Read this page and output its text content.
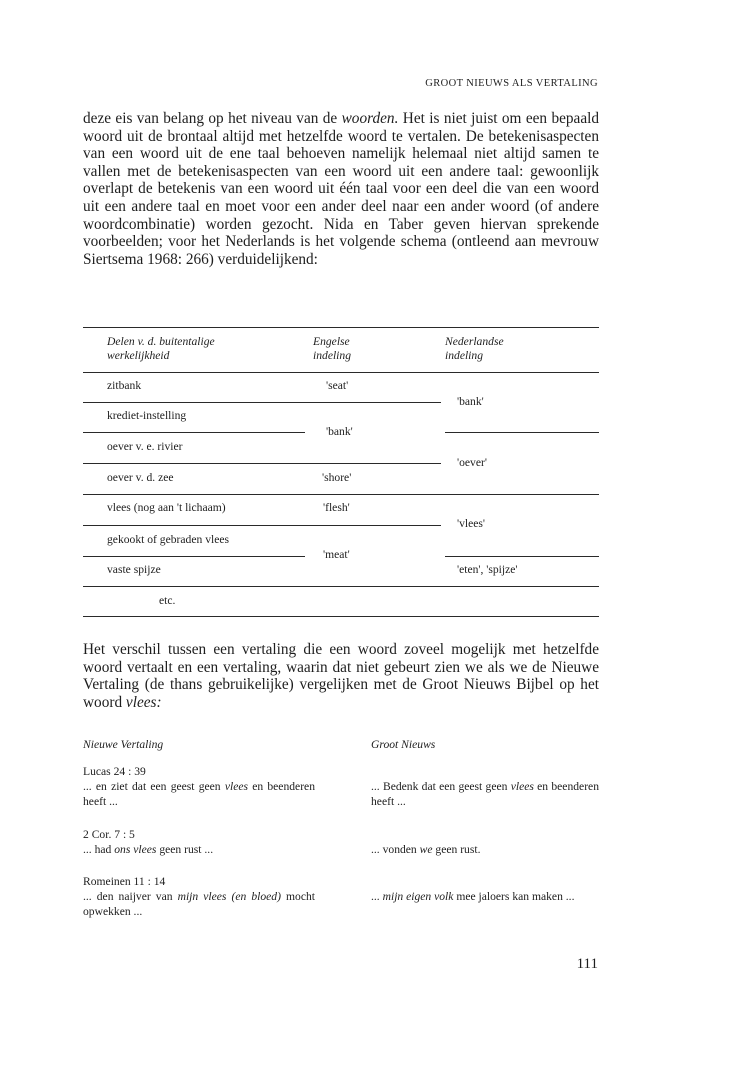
GROOT NIEUWS ALS VERTALING

deze eis van belang op het niveau van de woorden. Het is niet juist om een bepaald woord uit de brontaal altijd met hetzelfde woord te vertalen. De betekenisaspecten van een woord uit de ene taal behoeven namelijk helemaal niet altijd samen te vallen met de betekenisaspecten van een woord uit een andere taal: gewoonlijk overlapt de betekenis van een woord uit één taal voor een deel die van een woord uit een andere taal en moet voor een ander deel naar een ander woord (of andere woordcombinatie) worden gezocht. Nida en Taber geven hiervan sprekende voorbeelden; voor het Nederlands is het volgende schema (ontleend aan mevrouw Siertsema 1968: 266) verduidelijkend:

Delen v. d. buitentalige
werkelijkheid
Engelse
indeling
Nederlandse
indeling
zitbank
krediet-instelling
oever v. e. rivier
oever v. d. zee
vlees (nog aan 't lichaam)
gekookt of gebraden vlees
vaste spijze
etc.
'seat'
'bank'
'shore'
'flesh'
'meat'
'bank'
'oever'
'vlees'
'eten', 'spijze'

Het verschil tussen een vertaling die een woord zoveel mogelijk met hetzelfde woord vertaalt en een vertaling, waarin dat niet gebeurt zien we als we de Nieuwe Vertaling (de thans gebruikelijke) vergelijken met de Groot Nieuws Bijbel op het woord vlees:

Nieuwe Vertaling	Groot Nieuws
Lucas 24 : 39
... en ziet dat een geest geen vlees en beenderen heeft ...
... Bedenk dat een geest geen vlees en beenderen heeft ...
2 Cor. 7 : 5
... had ons vlees geen rust ...	... vonden we geen rust.
Romeinen 11 : 14
... den naijver van mijn vlees (en bloed) mocht opwekken ...
... mijn eigen volk mee jaloers kan maken ...
111
